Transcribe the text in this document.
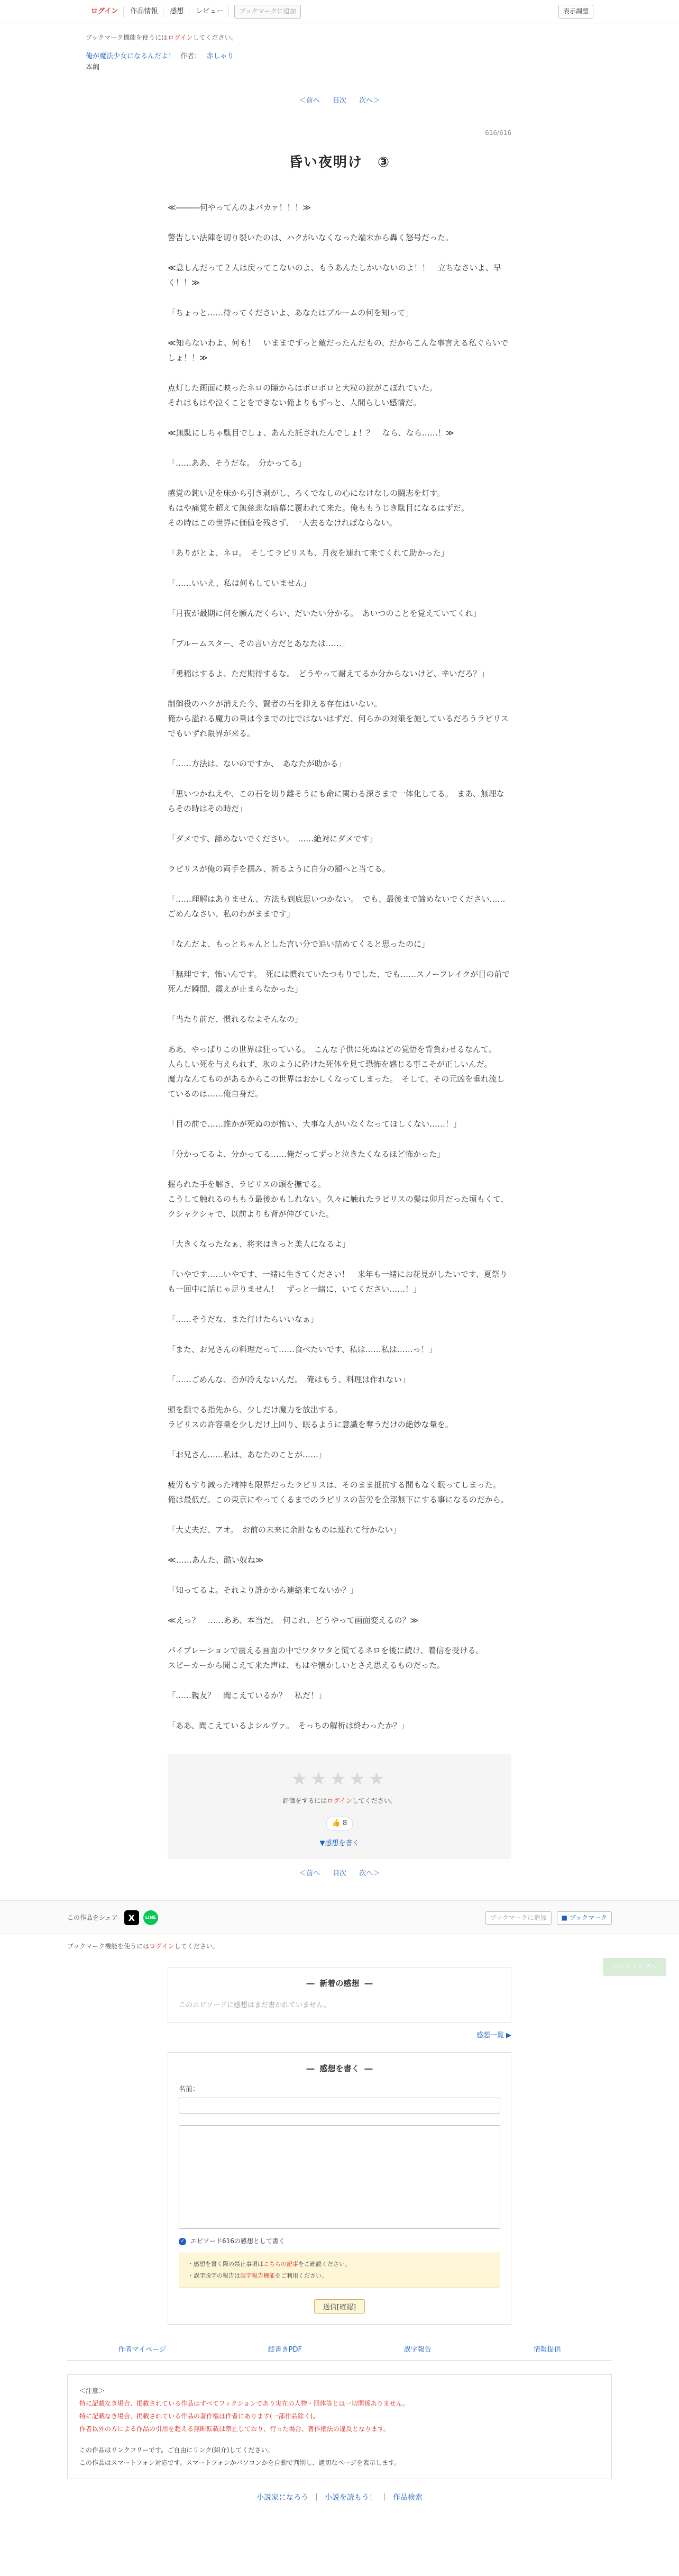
ログイン	作品情報	感想	レビュー	ブックマークに追加	表示調整
ブックマーク機能を使うにはログインしてください。
俺が魔法少女になるんだよ！ 作者： 赤しゃり
本編
＜前へ 目次 次へ＞
616/616
昏い夜明け　③

≪―――何やってんのよバカァ！！！≫

警告しい法陣を切り裂いたのは、ハクがいなくなった端末から轟く怒号だった。

≪息しんだって２人は戻ってこないのよ、もうあんたしかいないのよ！！　立ちなさいよ、早く！！≫

「ちょっと……待ってくださいよ、あなたはブルームの何を知って」

≪知らないわよ、何も！　いままでずっと敵だったんだもの、だからこんな事言える私ぐらいでしょ！！≫

点灯した画面に映ったネロの瞳からはボロボロと大粒の涙がこぼれていた。
それはもはや泣くことをできない俺よりもずっと、人間らしい感情だ。

≪無駄にしちゃ駄目でしょ、あんた託されたんでしょ！？　なら、なら……！≫

「……ああ、そうだな。　分かってる」

感覚の鈍い足を床から引き剥がし、ろくでなしの心になけなしの闘志を灯す。
もはや痛覚を超えて無慈悲な暗幕に覆われて来た。俺ももうじき駄目になるはずだ。
その時はこの世界に価値を残さず、一人去るなければならない。

「ありがとよ、ネロ。　そしてラピリスも、月夜を連れて来てくれて助かった」

「……いいえ、私は何もしていません」

「月夜が最期に何を願んだくらい、だいたい分かる。　あいつのことを覚えていてくれ」

「ブルームスター、その言い方だとあなたは……」

「勇稲はするよ、ただ期待するな。　どうやって耐えてるか分からないけど、辛いだろ？」

制御役のハクが消えた今、賢者の石を抑える存在はいない。
俺から溢れる魔力の量は今までの比ではないはずだ、何らかの対策を施しているだろうラピリスでもいずれ限界が来る。

「……方法は、ないのですか、　あなたが助かる」

「思いつかねえや、この石を切り離そうにも命に関わる深さまで一体化してる。　まあ、無理ならその時はその時だ」

「ダメです、諦めないでください。　……絶対にダメです」

ラピリスが俺の両手を掴み、祈るように自分の額へと当てる。

「……理解はありません、方法も到底思いつかない。　でも、最後まで諦めないでください……ごめんなさい、私のわがままです」

「なんだよ、もっとちゃんとした言い分で追い詰めてくると思ったのに」

「無理です、怖いんです。　死には慣れていたつもりでした、でも……スノーフレイクが目の前で死んだ瞬間、震えが止まらなかった」

「当たり前だ、慣れるなよそんなの」

ああ、やっぱりこの世界は狂っている。　こんな子供に死ぬはどの覚悟を背負わせるなんて。
人らしい死を与えられず、氷のように砕けた死体を見て恐怖を感じる事こそが正しいんだ。
魔力なんてものがあるからこの世界はおかしくなってしまった。　そして、その元凶を垂れ流しているのは……俺自身だ。

「目の前で……誰かが死ぬのが怖い、大事な人がいなくなってほしくない……！」

「分かってるよ、分かってる……俺だってずっと泣きたくなるほど怖かった」

握られた手を解き、ラピリスの頭を撫でる。
こうして触れるのももう最後かもしれない。久々に触れたラピリスの髪は卯月だった頃もくて、クシャクシャで、以前よりも背が伸びていた。

「大きくなったなぁ、将来はきっと美人になるよ」

「いやです……いやです、一緒に生きてください！　来年も一緒にお花見がしたいです、夏祭りも一回中に話じゃ足りません！　ずっと一緒に、いてください……！」

「……そうだな、また行けたらいいなぁ」

「また、お兄さんの料理だって……食べたいです、私は……私は……っ！」

「……ごめんな、否が冷えないんだ。　俺はもう、料理は作れない」

頭を撫でる指先から、少しだけ魔力を放出する。
ラピリスの許容量を少しだけ上回り、眠るように意識を奪うだけの絶妙な量を。

「お兄さん……私は、あなたのことが……」

疲労もすり減った精神も限界だったラピリスは、そのまま抵抗する間もなく眠ってしまった。
俺は最低だ。この東京にやってくるまでのラピリスの苦労を全部無下にする事になるのだから。

「大丈夫だ、アオ。　お前の未来に余計なものは連れて行かない」

≪……あんた、酷い奴ね≫

「知ってるよ。それより誰かから連絡来てないか？」

≪えっ？　……ああ、本当だ。　何これ、どうやって画面変えるの？≫

パイプレーションで震える画面の中でワタワタと慌てるネロを後に続け、着信を受ける。
スピーカーから聞こえて来た声は、もはや懐かしいとさえ思えるものだった。

「……親友？　聞こえているか？　私だ！」

「ああ、聞こえているよシルヴァ。　そっちの解析は終わったか？」

★★★★★
評価をするにはログインしてください。
👍 8
▼感想を書く
＜前へ 目次 次へ＞
この作品をシェア	X	LINE	ブックマークに追加	■ ブックマーク
ブックマーク機能を使うにはログインしてください。
― 新着の感想 ―
このエピソードに感想はまだ書かれていません。
感想一覧 ▶
― 感想を書く ―
名前：
✓ エピソード616の感想として書く
・感想を書く際の禁止事項はこちらの記事をご確認ください。
・誤字脱字の報告は誤字報告機能をご利用ください。
送信[確認]
作者マイページ	縦書きPDF	誤字報告	情報提供
＜注意＞
特に記載なき場合、掲載されている作品はすべてフィクションであり実在の人物・団体等とは一切関係ありません。
特に記載なき場合、掲載されている作品の著作権は作者にあります(一部作品除く)。
作者以外の方による作品の引用を超える無断転載は禁止しており、行った場合、著作権法の違反となります。
この作品はリンクフリーです。ご自由にリンク(紹介)してください。
この作品はスマートフォン対応です。スマートフォンかパソコンかを自動で判別し、適切なページを表示します。
小説家になろう ｜ 小説を読もう！ ｜ 作品検索
ページトップへ
